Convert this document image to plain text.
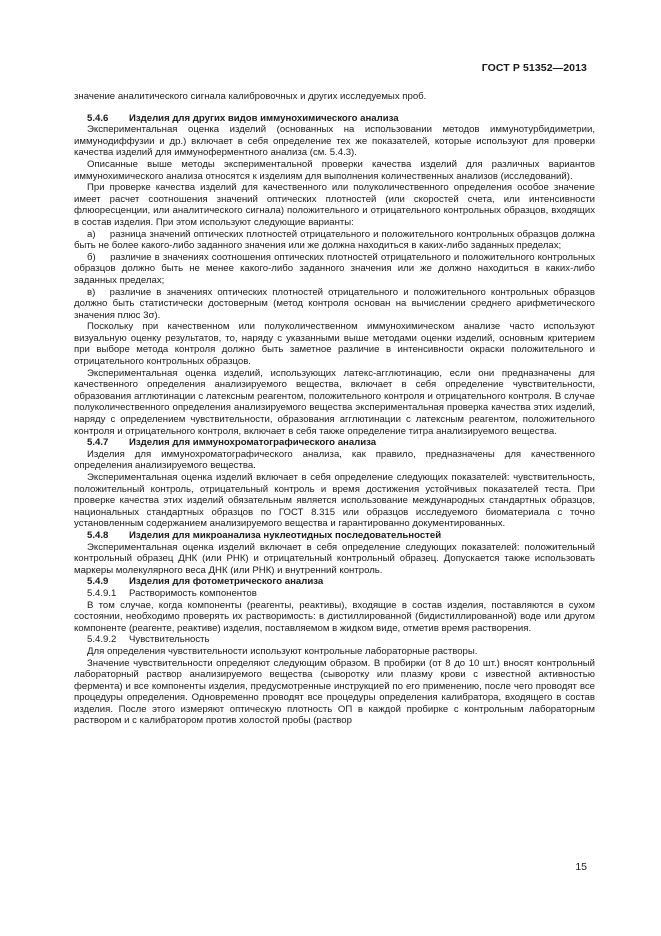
ГОСТ Р 51352—2013

значение аналитического сигнала калибровочных и других исследуемых проб.

5.4.6 Изделия для других видов иммунохимического анализа

Экспериментальная оценка изделий (основанных на использовании методов иммунотурбидиметрии, иммунодиффузии и др.) включает в себя определение тех же показателей, которые используют для проверки качества изделий для иммуноферментного анализа (см. 5.4.3).

Описанные выше методы экспериментальной проверки качества изделий для различных вариантов иммунохимического анализа относятся к изделиям для выполнения количественных анализов (исследований).

При проверке качества изделий для качественного или полуколичественного определения особое значение имеет расчет соотношения значений оптических плотностей (или скоростей счета, или интенсивности флюоресценции, или аналитического сигнала) положительного и отрицательного контрольных образцов, входящих в состав изделия. При этом используют следующие варианты:

а)  разница значений оптических плотностей отрицательного и положительного контрольных образцов должна быть не более какого-либо заданного значения или же должна находиться в каких-либо заданных пределах;

б)  различие в значениях соотношения оптических плотностей отрицательного и положительного контрольных образцов должно быть не менее какого-либо заданного значения или же должно находиться в каких-либо заданных пределах;

в)  различие в значениях оптических плотностей отрицательного и положительного контрольных образцов должно быть статистически достоверным (метод контроля основан на вычислении среднего арифметического значения плюс 3σ).

Поскольку при качественном или полуколичественном иммунохимическом анализе часто используют визуальную оценку результатов, то, наряду с указанными выше методами оценки изделий, основным критерием при выборе метода контроля должно быть заметное различие в интенсивности окраски положительного и отрицательного контрольных образцов.

Экспериментальная оценка изделий, использующих латекс-агглютинацию, если они предназначены для качественного определения анализируемого вещества, включает в себя определение чувствительности, образования агглютинации с латексным реагентом, положительного контроля и отрицательного контроля. В случае полуколичественного определения анализируемого вещества экспериментальная проверка качества этих изделий, наряду с определением чувствительности, образования агглютинации с латексным реагентом, положительного контроля и отрицательного контроля, включает в себя также определение титра анализируемого вещества.

5.4.7 Изделия для иммунохроматографического анализа

Изделия для иммунохроматографического анализа, как правило, предназначены для качественного определения анализируемого вещества.

Экспериментальная оценка изделий включает в себя определение следующих показателей: чувствительность, положительный контроль, отрицательный контроль и время достижения устойчивых показателей теста. При проверке качества этих изделий обязательным является использование международных стандартных образцов, национальных стандартных образцов по ГОСТ 8.315 или образцов исследуемого биоматериала с точно установленным содержанием анализируемого вещества и гарантированно документированных.

5.4.8 Изделия для микроанализа нуклеотидных последовательностей

Экспериментальная оценка изделий включает в себя определение следующих показателей: положительный контрольный образец ДНК (или РНК) и отрицательный контрольный образец. Допускается также использовать маркеры молекулярного веса ДНК (или РНК) и внутренний контроль.

5.4.9 Изделия для фотометрического анализа

5.4.9.1 Растворимость компонентов

В том случае, когда компоненты (реагенты, реактивы), входящие в состав изделия, поставляются в сухом состоянии, необходимо проверять их растворимость: в дистиллированной (бидистиллированной) воде или другом компоненте (реагенте, реактиве) изделия, поставляемом в жидком виде, отметив время растворения.

5.4.9.2 Чувствительность

Для определения чувствительности используют контрольные лабораторные растворы.

Значение чувствительности определяют следующим образом. В пробирки (от 8 до 10 шт.) вносят контрольный лабораторный раствор анализируемого вещества (сыворотку или плазму крови с известной активностью фермента) и все компоненты изделия, предусмотренные инструкцией по его применению, после чего проводят все процедуры определения. Одновременно проводят все процедуры определения калибратора, входящего в состав изделия. После этого измеряют оптическую плотность ОП в каждой пробирке с контрольным лабораторным раствором и с калибратором против холостой пробы (раствор

15
